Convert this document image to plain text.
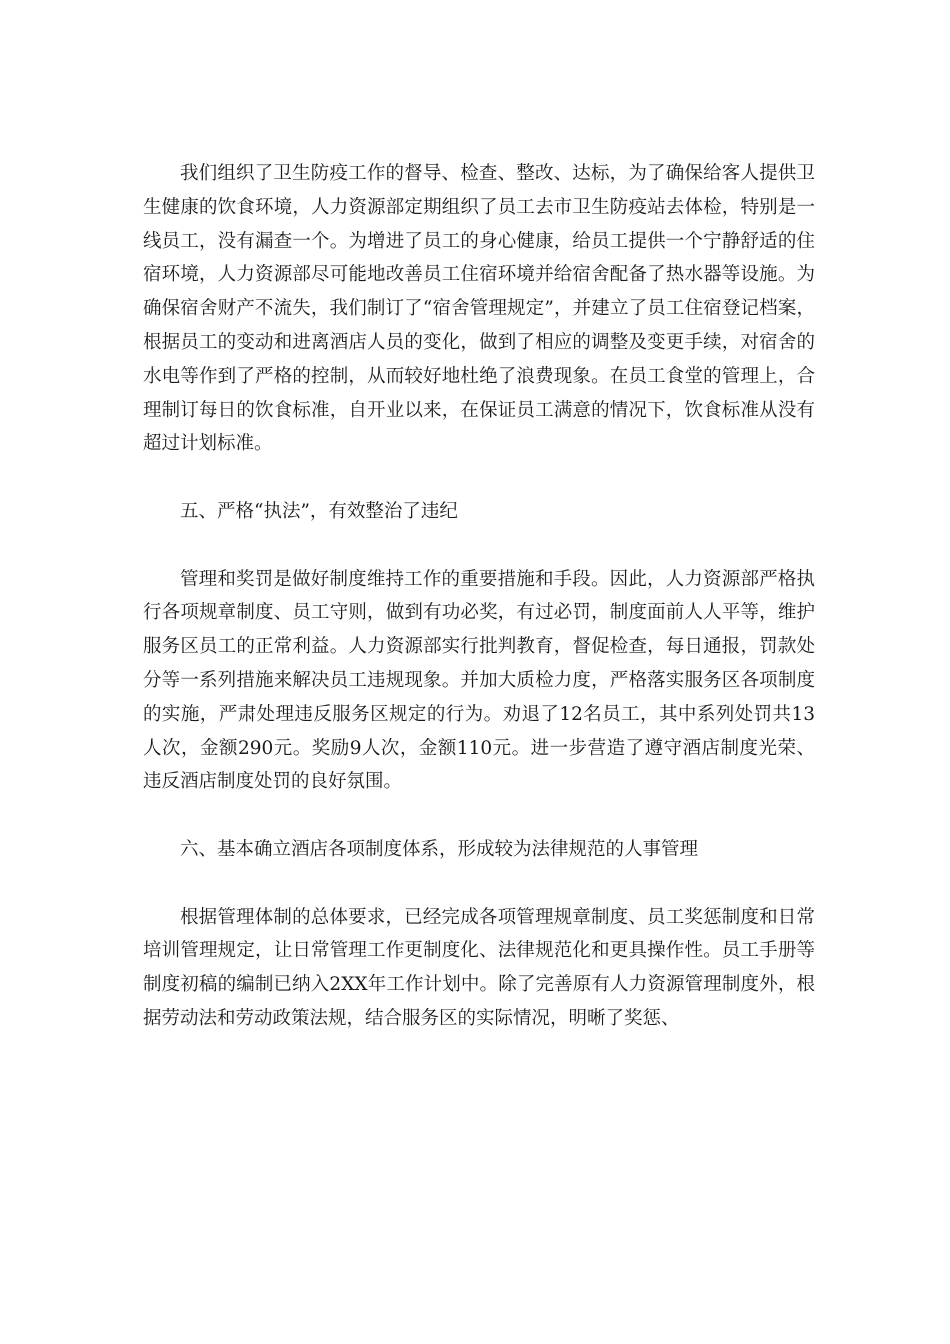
我们组织了卫生防疫工作的督导、检查、整改、达标，为了确保给客人提供卫生健康的饮食环境，人力资源部定期组织了员工去市卫生防疫站去体检，特别是一线员工，没有漏查一个。为增进了员工的身心健康，给员工提供一个宁静舒适的住宿环境，人力资源部尽可能地改善员工住宿环境并给宿舍配备了热水器等设施。为确保宿舍财产不流失，我们制订了“宿舍管理规定”，并建立了员工住宿登记档案，根据员工的变动和进离酒店人员的变化，做到了相应的调整及变更手续，对宿舍的水电等作到了严格的控制，从而较好地杜绝了浪费现象。在员工食堂的管理上，合理制订每日的饮食标准，自开业以来，在保证员工满意的情况下，饮食标准从没有超过计划标准。

五、严格“执法”，有效整治了违纪

管理和奖罚是做好制度维持工作的重要措施和手段。因此，人力资源部严格执行各项规章制度、员工守则，做到有功必奖，有过必罚，制度面前人人平等，维护服务区员工的正常利益。人力资源部实行批判教育，督促检查，每日通报，罚款处分等一系列措施来解决员工违规现象。并加大质检力度，严格落实服务区各项制度的实施，严肃处理违反服务区规定的行为。劝退了12名员工，其中系列处罚共13人次，金额290元。奖励9人次，金额110元。进一步营造了遵守酒店制度光荣、违反酒店制度处罚的良好氛围。

六、基本确立酒店各项制度体系，形成较为法律规范的人事管理

根据管理体制的总体要求，已经完成各项管理规章制度、员工奖惩制度和日常培训管理规定，让日常管理工作更制度化、法律规范化和更具操作性。员工手册等制度初稿的编制已纳入2XX年工作计划中。除了完善原有人力资源管理制度外，根据劳动法和劳动政策法规，结合服务区的实际情况，明晰了奖惩、
